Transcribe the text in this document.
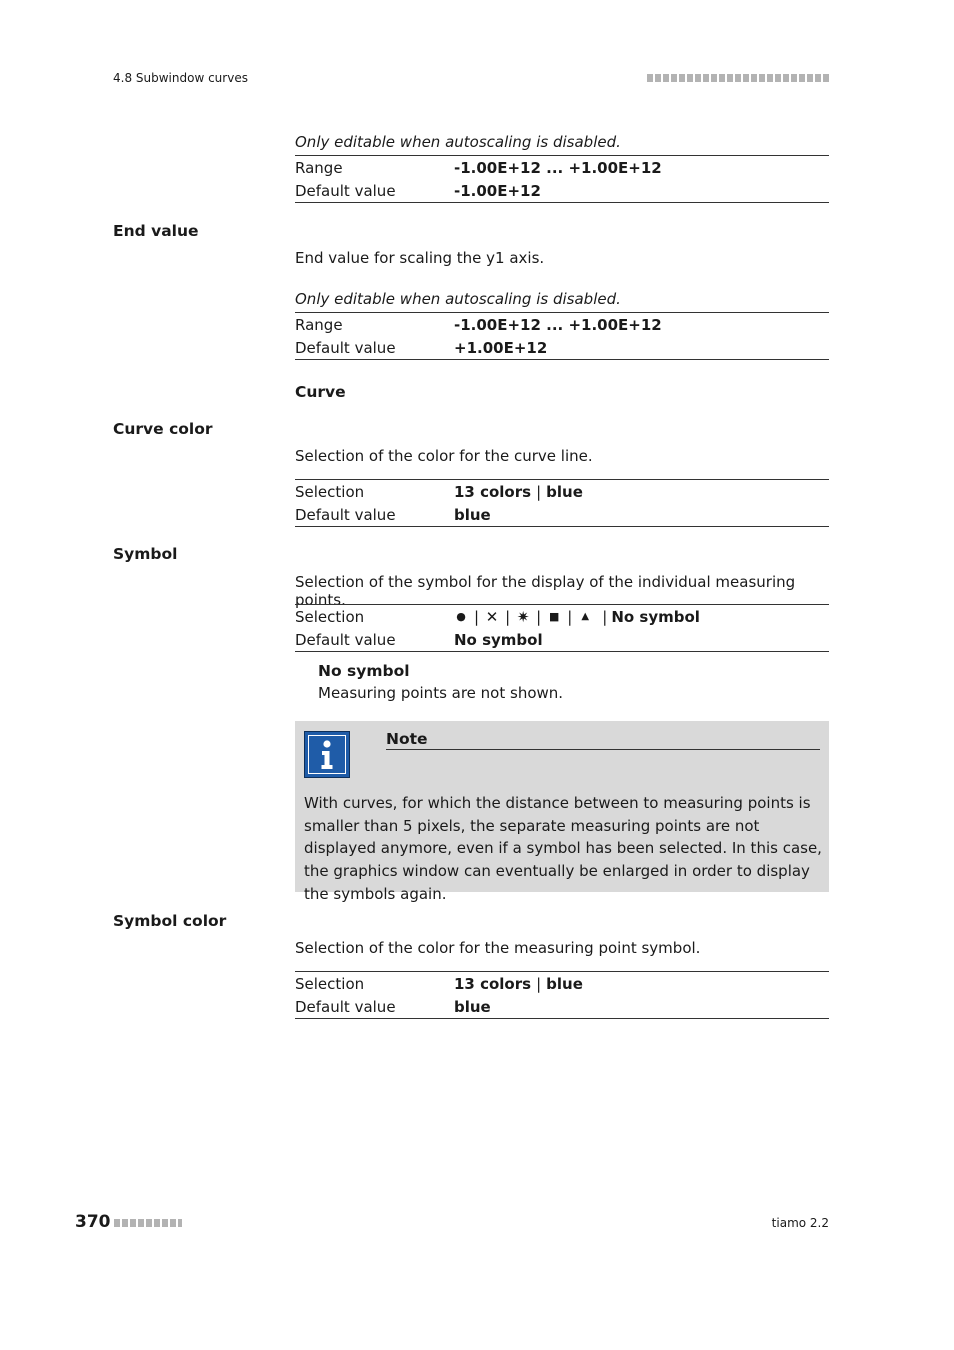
4.8 Subwindow curves
Only editable when autoscaling is disabled.
Range	-1.00E+12 ... +1.00E+12
Default value	-1.00E+12
End value
End value for scaling the y1 axis.
Only editable when autoscaling is disabled.
Range	-1.00E+12 ... +1.00E+12
Default value	+1.00E+12
Curve
Curve color
Selection of the color for the curve line.
Selection	13 colors | blue
Default value	blue
Symbol
Selection of the symbol for the display of the individual measuring points.
Selection	● | ✕ | ✷ | ■ | ▲ | No symbol
Default value	No symbol
No symbol
Measuring points are not shown.
Note
With curves, for which the distance between to measuring points is smaller than 5 pixels, the separate measuring points are not displayed anymore, even if a symbol has been selected. In this case, the graphics window can eventually be enlarged in order to display the symbols again.
Symbol color
Selection of the color for the measuring point symbol.
Selection	13 colors | blue
Default value	blue
370	tiamo 2.2
